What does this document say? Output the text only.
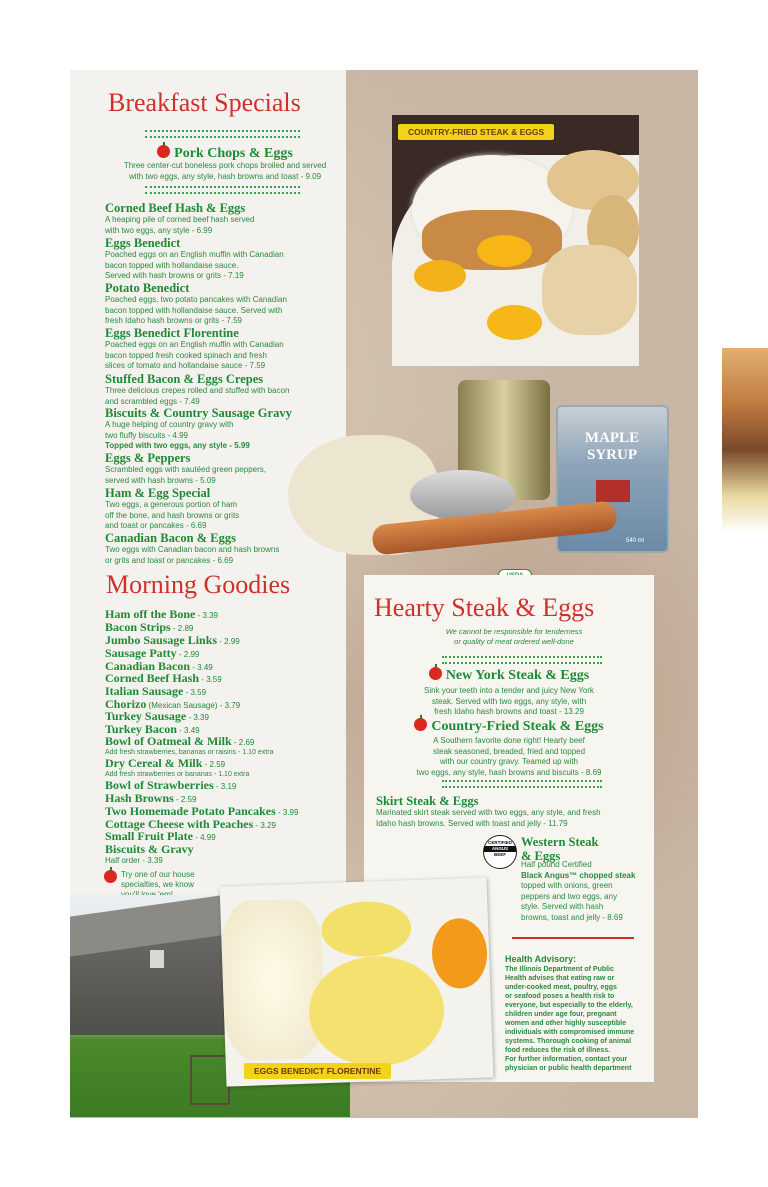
Breakfast Specials
Pork Chops & Eggs
Three center-cut boneless pork chops broiled and served
with two eggs, any style, hash browns and toast - 9.09
Corned Beef Hash & Eggs
A heaping pile of corned beef hash served
with two eggs, any style - 6.99
Eggs Benedict
Poached eggs on an English muffin with Canadian
bacon topped with hollandaise sauce.
Served with hash browns or grits - 7.19
Potato Benedict
Poached eggs, two potato pancakes with Canadian
bacon topped with hollandaise sauce. Served with
fresh Idaho hash browns or grits - 7.59
Eggs Benedict Florentine
Poached eggs on an English muffin with Canadian
bacon topped fresh cooked spinach and fresh
slices of tomato and hollandaise sauce - 7.59
Stuffed Bacon & Eggs Crepes
Three delicious crepes rolled and stuffed with bacon
and scrambled eggs - 7.49
Biscuits & Country Sausage Gravy
A huge helping of country gravy with
two fluffy biscuits - 4.99
Topped with two eggs, any style - 5.99
Eggs & Peppers
Scrambled eggs with sautéed green peppers,
served with hash browns - 5.09
Ham & Egg Special
Two eggs, a generous portion of ham
off the bone, and hash browns or grits
and toast or pancakes - 6.69
Canadian Bacon & Eggs
Two eggs with Canadian bacon and hash browns
or grits and toast or pancakes - 6.69
Morning Goodies
Ham off the Bone - 3.39
Bacon Strips - 2.89
Jumbo Sausage Links - 2.99
Sausage Patty - 2.99
Canadian Bacon - 3.49
Corned Beef Hash - 3.59
Italian Sausage - 3.59
Chorizo (Mexican Sausage) - 3.79
Turkey Sausage - 3.39
Turkey Bacon - 3.49
Bowl of Oatmeal & Milk - 2.69
Add fresh strawberries, bananas or raisins - 1.10 extra
Dry Cereal & Milk - 2.59
Add fresh strawberries or bananas - 1.10 extra
Bowl of Strawberries - 3.19
Hash Browns - 2.59
Two Homemade Potato Pancakes - 3.99
Cottage Cheese with Peaches - 3.29
Small Fruit Plate - 4.99
Biscuits & Gravy
Half order - 3.39
Try one of our house
specialties, we know
COUNTRY-FRIED STEAK & EGGS
MAPLE SYRUP
540 ml
Hearty Steak & Eggs
We cannot be responsible for tenderness
or quality of meat ordered well-done
New York Steak & Eggs
Sink your teeth into a tender and juicy New York
steak. Served with two eggs, any style, with
fresh Idaho hash browns and toast - 13.29
Country-Fried Steak & Eggs
A Southern favorite done right! Hearty beef
steak seasoned, breaded, fried and topped
with our country gravy. Teamed up with
two eggs, any style, hash browns and biscuits - 8.69
Skirt Steak & Eggs
Marinated skirt steak served with two eggs, any style, and fresh
Idaho hash browns. Served with toast and jelly - 11.79
CERTIFIED
ANGUS
BEEF
Western Steak
& Eggs
Half pound Certified
Black Angus™ chopped steak
topped with onions, green
peppers and two eggs, any
style. Served with hash
browns, toast and jelly - 8.69
Health Advisory:
The Illinois Department of Public
Health advises that eating raw or
under-cooked meat, poultry, eggs
or seafood poses a health risk to
everyone, but especially to the elderly,
children under age four, pregnant
women and other highly susceptible
individuals with compromised immune
systems. Thorough cooking of animal
food reduces the risk of illness.
For further information, contact your
physician or public health department
EGGS BENEDICT FLORENTINE
